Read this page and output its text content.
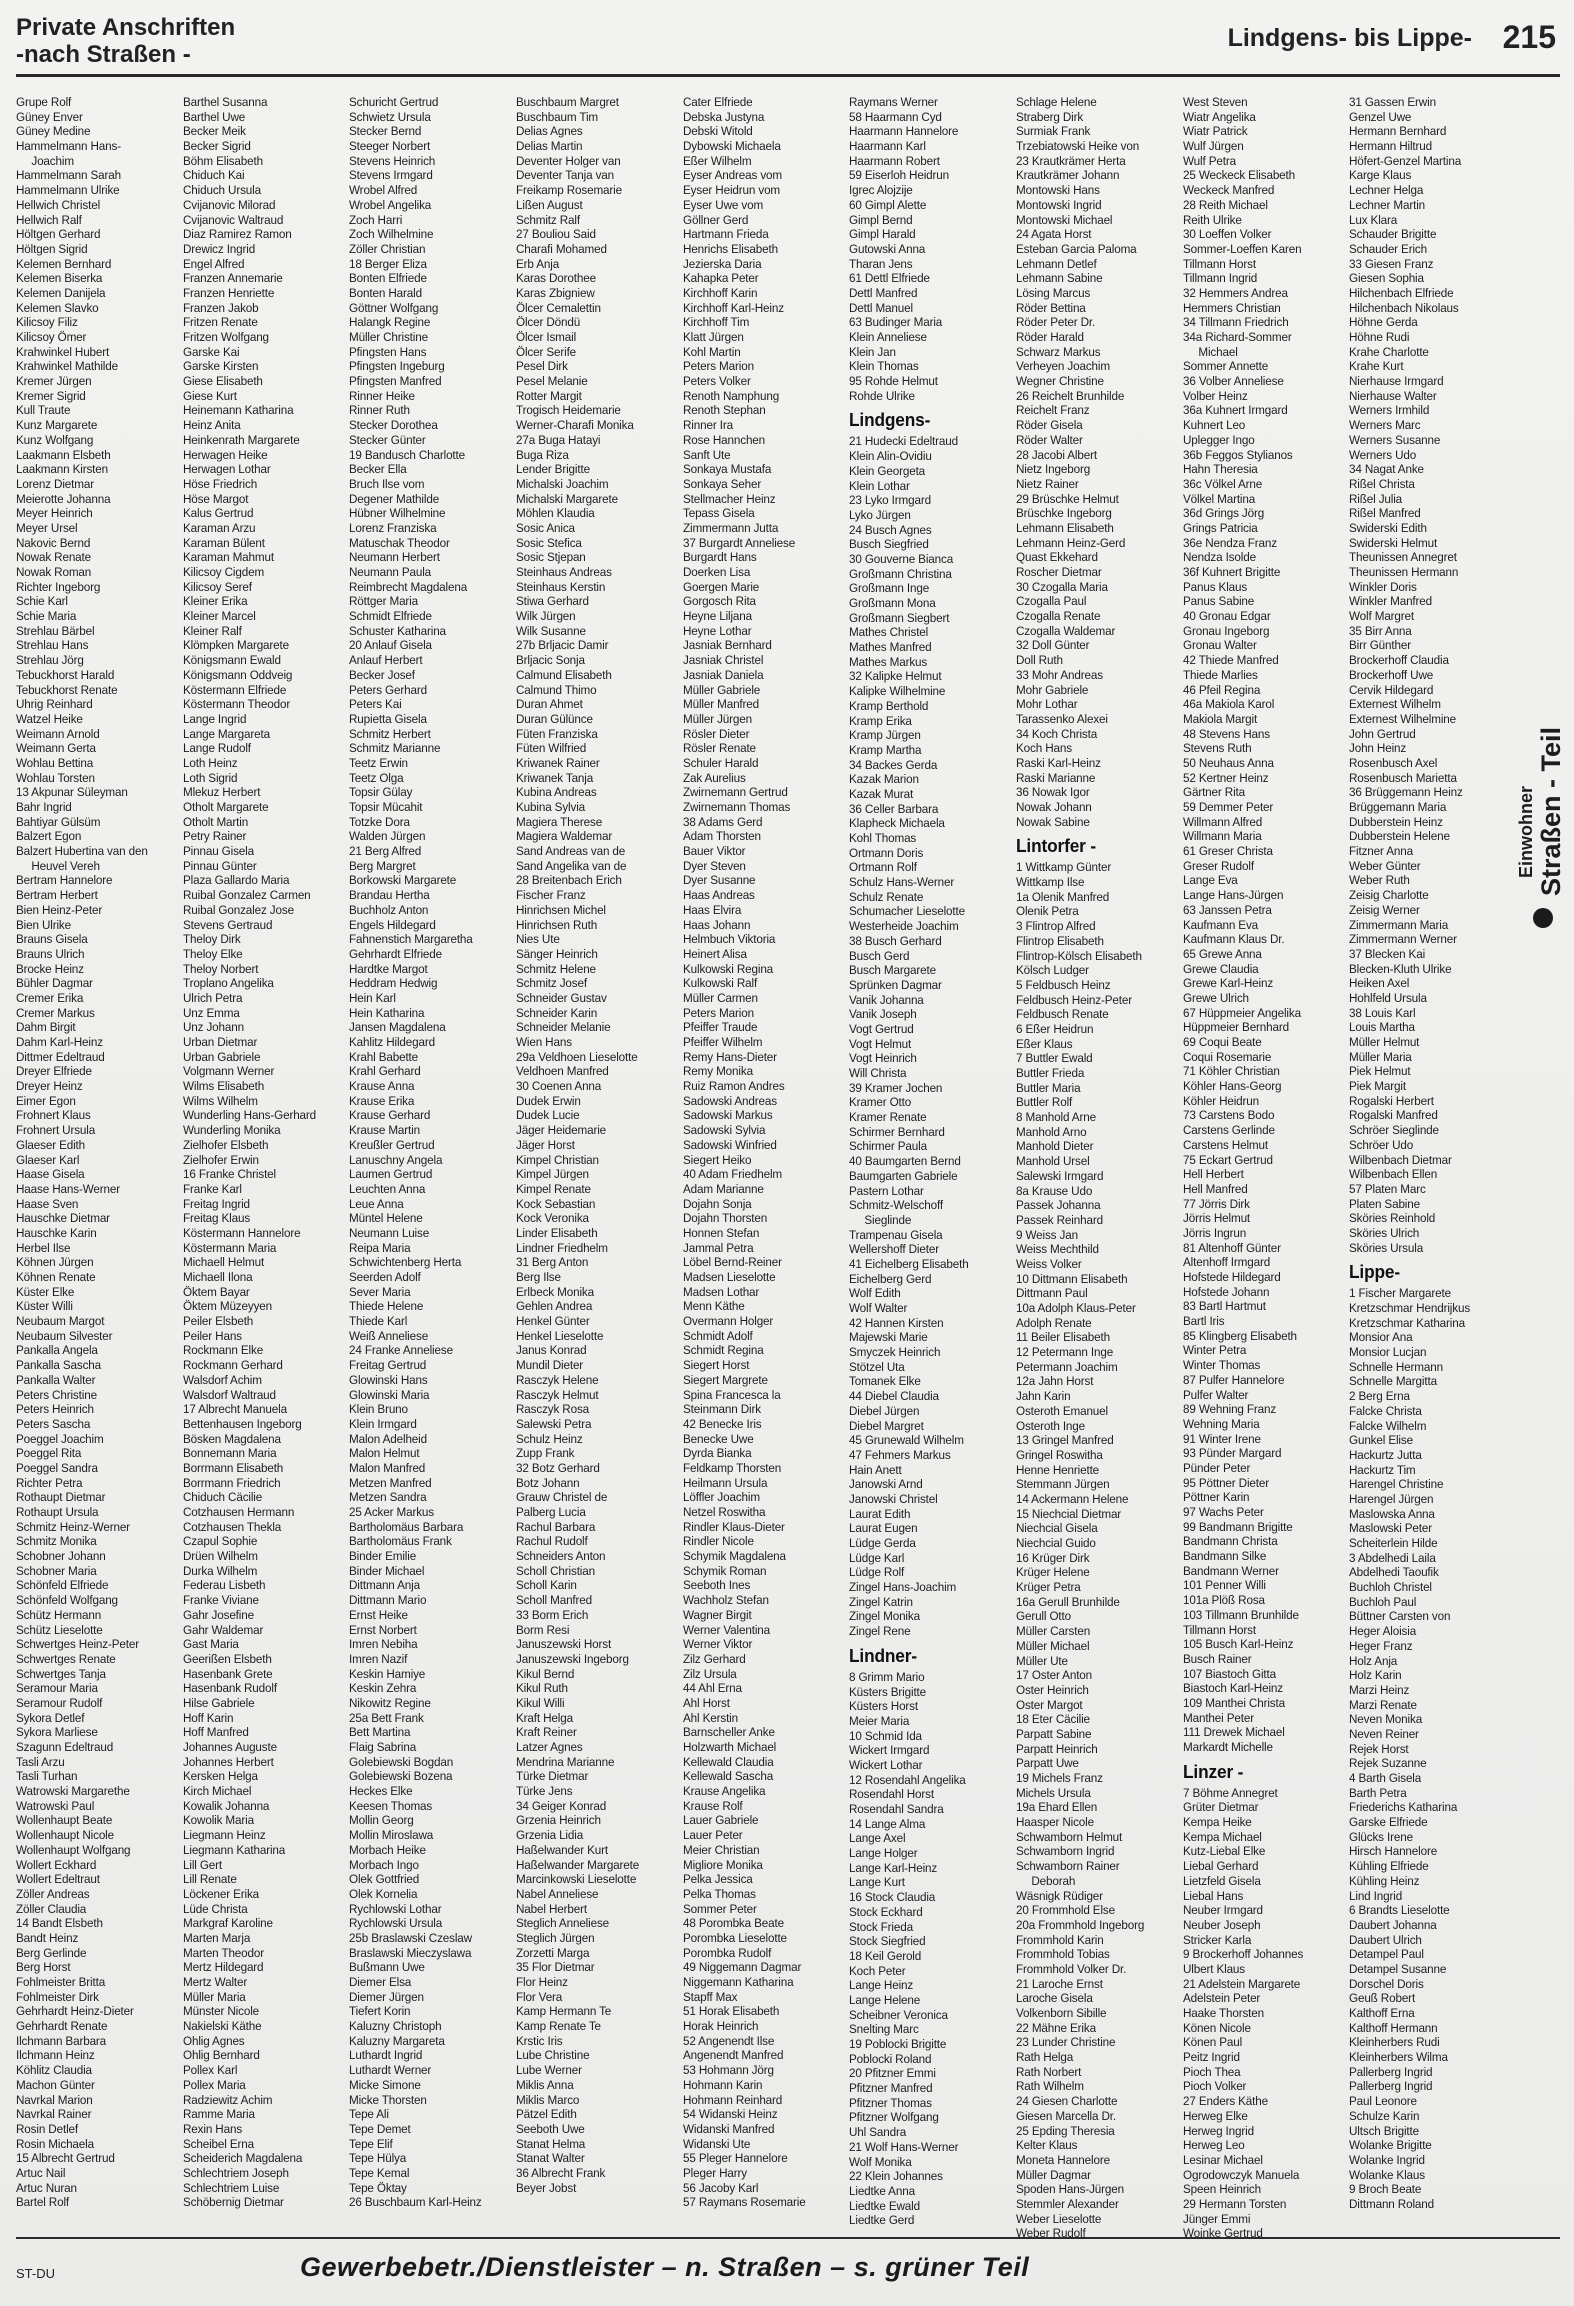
Private Anschriften
-nach Straßen -
Lindgens- bis Lippe- 215
Grupe Rolf
Güney Enver
Güney Medine
Hammelmann Hans-
Joachim
Hammelmann Sarah
Hammelmann Ulrike
Hellwich Christel
Hellwich Ralf
Höltgen Gerhard
Höltgen Sigrid
Kelemen Bernhard
Kelemen Biserka
Kelemen Danijela
Kelemen Slavko
Kilicsoy Filiz
Kilicsoy Ömer
Krahwinkel Hubert
Krahwinkel Mathilde
Kremer Jürgen
Kremer Sigrid
Kull Traute
Kunz Margarete
Kunz Wolfgang
Laakmann Elsbeth
Laakmann Kirsten
Lorenz Dietmar
Meierotte Johanna
Meyer Heinrich
Meyer Ursel
Nakovic Bernd
Nowak Renate
Nowak Roman
Richter Ingeborg
Schie Karl
Schie Maria
Strehlau Bärbel
Strehlau Hans
Strehlau Jörg
Tebuckhorst Harald
Tebuckhorst Renate
Uhrig Reinhard
Watzel Heike
Weimann Arnold
Weimann Gerta
Wohlau Bettina
Wohlau Torsten
13 Akpunar Süleyman
Bahr Ingrid
Bahtiyar Gülsüm
Balzert Egon
Balzert Hubertina van den
Heuvel Vereh
Bertram Hannelore
Bertram Herbert
Bien Heinz-Peter
Bien Ulrike
Brauns Gisela
Brauns Ulrich
Brocke Heinz
Bühler Dagmar
Cremer Erika
Cremer Markus
Dahm Birgit
Dahm Karl-Heinz
Dittmer Edeltraud
Dreyer Elfriede
Dreyer Heinz
Eimer Egon
Frohnert Klaus
Frohnert Ursula
Glaeser Edith
Glaeser Karl
Haase Gisela
Haase Hans-Werner
Haase Sven
Hauschke Dietmar
Hauschke Karin
Herbel Ilse
Köhnen Jürgen
Köhnen Renate
Küster Elke
Küster Willi
Neubaum Margot
Neubaum Silvester
Pankalla Angela
Pankalla Sascha
Pankalla Walter
Peters Christine
Peters Heinrich
Peters Sascha
Poeggel Joachim
Poeggel Rita
Poeggel Sandra
Richter Petra
Rothaupt Dietmar
Rothaupt Ursula
Schmitz Heinz-Werner
Schmitz Monika
Schobner Johann
Schobner Maria
Schönfeld Elfriede
Schönfeld Wolfgang
Schütz Hermann
Schütz Lieselotte
Schwertges Heinz-Peter
Schwertges Renate
Schwertges Tanja
Seramour Maria
Seramour Rudolf
Sykora Detlef
Sykora Marliese
Szagunn Edeltraud
Tasli Arzu
Tasli Turhan
Watrowski Margarethe
Watrowski Paul
Wollenhaupt Beate
Wollenhaupt Nicole
Wollenhaupt Wolfgang
Wollert Eckhard
Wollert Edeltraut
Zöller Andreas
Zöller Claudia
14 Bandt Elsbeth
Bandt Heinz
Berg Gerlinde
Berg Horst
Fohlmeister Britta
Fohlmeister Dirk
Gehrhardt Heinz-Dieter
Gehrhardt Renate
Ilchmann Barbara
Ilchmann Heinz
Köhlitz Claudia
Machon Günter
Navrkal Marion
Navrkal Rainer
Rosin Detlef
Rosin Michaela
15 Albrecht Gertrud
Artuc Nail
Artuc Nuran
Bartel Rolf
Barthel Susanna
Barthel Uwe
Becker Meik
Becker Sigrid
Böhm Elisabeth
Chiduch Kai
Chiduch Ursula
Cvijanovic Milorad
Cvijanovic Waltraud
Diaz Ramirez Ramon
Drewicz Ingrid
Engel Alfred
Franzen Annemarie
Franzen Henriette
Franzen Jakob
Fritzen Renate
Fritzen Wolfgang
Garske Kai
Garske Kirsten
Giese Elisabeth
Giese Kurt
Heinemann Katharina
Heinz Anita
Heinkenrath Margarete
Herwagen Heike
Herwagen Lothar
Höse Friedrich
Höse Margot
Kalus Gertrud
Karaman Arzu
Karaman Bülent
Karaman Mahmut
Kilicsoy Cigdem
Kilicsoy Seref
Kleiner Erika
Kleiner Marcel
Kleiner Ralf
Klömpken Margarete
Königsmann Ewald
Königsmann Oddveig
Köstermann Elfriede
Köstermann Theodor
Lange Ingrid
Lange Margareta
Lange Rudolf
Loth Heinz
Loth Sigrid
Mlekuz Herbert
Otholt Margarete
Otholt Martin
Petry Rainer
Pinnau Gisela
Pinnau Günter
Plaza Gallardo Maria
Ruibal Gonzalez Carmen
Ruibal Gonzalez Jose
Stevens Gertraud
Theloy Dirk
Theloy Elke
Theloy Norbert
Troplano Angelika
Ulrich Petra
Unz Emma
Unz Johann
Urban Dietmar
Urban Gabriele
Volgmann Werner
Wilms Elisabeth
Wilms Wilhelm
Wunderling Hans-Gerhard
Wunderling Monika
Zielhofer Elsbeth
Zielhofer Erwin
16 Franke Christel
Franke Karl
Freitag Ingrid
Freitag Klaus
Köstermann Hannelore
Köstermann Maria
Michaell Helmut
Michaell Ilona
Öktem Bayar
Öktem Müzeyyen
Peiler Elsbeth
Peiler Hans
Rockmann Elke
Rockmann Gerhard
Walsdorf Achim
Walsdorf Waltraud
17 Albrecht Manuela
Bettenhausen Ingeborg
Bösken Magdalena
Bonnemann Maria
Borrmann Elisabeth
Borrmann Friedrich
Chiduch Cäcilie
Cotzhausen Hermann
Cotzhausen Thekla
Czapul Sophie
Drüen Wilhelm
Durka Wilhelm
Federau Lisbeth
Franke Viviane
Gahr Josefine
Gahr Waldemar
Gast Maria
Geerißen Elsbeth
Hasenbank Grete
Hasenbank Rudolf
Hilse Gabriele
Hoff Karin
Hoff Manfred
Johannes Auguste
Johannes Herbert
Kersken Helga
Kirch Michael
Kowalik Johanna
Kowolik Maria
Liegmann Heinz
Liegmann Katharina
Lill Gert
Lill Renate
Löckener Erika
Lüde Christa
Markgraf Karoline
Marten Marja
Marten Theodor
Mertz Hildegard
Mertz Walter
Müller Maria
Münster Nicole
Nakielski Käthe
Ohlig Agnes
Ohlig Bernhard
Pollex Karl
Pollex Maria
Radziewitz Achim
Ramme Maria
Rexin Hans
Scheibel Erna
Scheiderich Magdalena
Schlechtriem Joseph
Schlechtriem Luise
Schöbernig Dietmar
Schuricht Gertrud
Schwietz Ursula
Stecker Bernd
Steeger Norbert
Stevens Heinrich
Stevens Irmgard
Wrobel Alfred
Wrobel Angelika
Zoch Harri
Zoch Wilhelmine
Zöller Christian
18 Berger Eliza
Bonten Elfriede
Bonten Harald
Göttner Wolfgang
Halangk Regine
Müller Christine
Pfingsten Hans
Pfingsten Ingeburg
Pfingsten Manfred
Rinner Heike
Rinner Ruth
Stecker Dorothea
Stecker Günter
19 Bandusch Charlotte
Becker Ella
Bruch Ilse vom
Degener Mathilde
Hübner Wilhelmine
Lorenz Franziska
Matuschak Theodor
Neumann Herbert
Neumann Paula
Reimbrecht Magdalena
Röttger Maria
Schmidt Elfriede
Schuster Katharina
20 Anlauf Gisela
Anlauf Herbert
Becker Josef
Peters Gerhard
Peters Kai
Rupietta Gisela
Schmitz Herbert
Schmitz Marianne
Teetz Erwin
Teetz Olga
Topsir Gülay
Topsir Mücahit
Totzke Dora
Walden Jürgen
21 Berg Alfred
Berg Margret
Borkowski Margarete
Brandau Hertha
Buchholz Anton
Engels Hildegard
Fahnenstich Margaretha
Gehrhardt Elfriede
Hardtke Margot
Heddram Hedwig
Hein Karl
Hein Katharina
Jansen Magdalena
Kahlitz Hildegard
Krahl Babette
Krahl Gerhard
Krause Anna
Krause Erika
Krause Gerhard
Krause Martin
Kreußler Gertrud
Lanuschny Angela
Laumen Gertrud
Leuchten Anna
Leue Anna
Müntel Helene
Neumann Luise
Reipa Maria
Schwichtenberg Herta
Seerden Adolf
Sever Maria
Thiede Helene
Thiede Karl
Weiß Anneliese
24 Franke Anneliese
Freitag Gertrud
Glowinski Hans
Glowinski Maria
Klein Bruno
Klein Irmgard
Malon Adelheid
Malon Helmut
Malon Manfred
Metzen Manfred
Metzen Sandra
25 Acker Markus
Bartholomäus Barbara
Bartholomäus Frank
Binder Emilie
Binder Michael
Dittmann Anja
Dittmann Mario
Ernst Heike
Ernst Norbert
Imren Nebiha
Imren Nazif
Keskin Hamiye
Keskin Zehra
Nikowitz Regine
25a Bett Frank
Bett Martina
Flaig Sabrina
Golebiewski Bogdan
Golebiewski Bozena
Heckes Elke
Keesen Thomas
Mollin Georg
Mollin Miroslawa
Morbach Heike
Morbach Ingo
Olek Gottfried
Olek Kornelia
Rychlowski Lothar
Rychlowski Ursula
25b Braslawski Czeslaw
Braslawski Mieczyslawa
Bußmann Uwe
Diemer Elsa
Diemer Jürgen
Tiefert Korin
Kaluzny Christoph
Kaluzny Margareta
Luthardt Ingrid
Luthardt Werner
Micke Simone
Micke Thorsten
Tepe Ali
Tepe Demet
Tepe Elif
Tepe Hülya
Tepe Kemal
Tepe Öktay
26 Buschbaum Karl-Heinz
Buschbaum Margret
Buschbaum Tim
Delias Agnes
Delias Martin
Deventer Holger van
Deventer Tanja van
Freikamp Rosemarie
Lißen August
Schmitz Ralf
27 Bouliou Said
Charafi Mohamed
Erb Anja
Karas Dorothee
Karas Zbigniew
Ölcer Cemalettin
Ölcer Döndü
Ölcer Ismail
Ölcer Serife
Pesel Dirk
Pesel Melanie
Rotter Margit
Trogisch Heidemarie
Werner-Charafi Monika
27a Buga Hatayi
Buga Riza
Lender Brigitte
Michalski Joachim
Michalski Margarete
Möhlen Klaudia
Sosic Anica
Sosic Stefica
Sosic Stjepan
Steinhaus Andreas
Steinhaus Kerstin
Stiwa Gerhard
Wilk Jürgen
Wilk Susanne
27b Brljacic Damir
Brljacic Sonja
Calmund Elisabeth
Calmund Thimo
Duran Ahmet
Duran Gülünce
Füten Franziska
Füten Wilfried
Kriwanek Rainer
Kriwanek Tanja
Kubina Andreas
Kubina Sylvia
Magiera Therese
Magiera Waldemar
Sand Andreas van de
Sand Angelika van de
28 Breitenbach Erich
Fischer Franz
Hinrichsen Michel
Hinrichsen Ruth
Nies Ute
Sänger Heinrich
Schmitz Helene
Schmitz Josef
Schneider Gustav
Schneider Karin
Schneider Melanie
Wien Hans
29a Veldhoen Lieselotte
Veldhoen Manfred
30 Coenen Anna
Dudek Erwin
Dudek Lucie
Jäger Heidemarie
Jäger Horst
Kimpel Christian
Kimpel Jürgen
Kimpel Renate
Kock Sebastian
Kock Veronika
Linder Elisabeth
Lindner Friedhelm
31 Berg Anton
Berg Ilse
Erlbeck Monika
Gehlen Andrea
Henkel Günter
Henkel Lieselotte
Janus Konrad
Mundil Dieter
Rasczyk Helene
Rasczyk Helmut
Rasczyk Rosa
Salewski Petra
Schulz Heinz
Zupp Frank
32 Botz Gerhard
Botz Johann
Grauw Christel de
Palberg Lucia
Rachul Barbara
Rachul Rudolf
Schneiders Anton
Scholl Christian
Scholl Karin
Scholl Manfred
33 Borm Erich
Borm Resi
Januszewski Horst
Januszewski Ingeborg
Kikul Bernd
Kikul Ruth
Kikul Willi
Kraft Helga
Kraft Reiner
Latzer Agnes
Mendrina Marianne
Türke Dietmar
Türke Jens
34 Geiger Konrad
Grzenia Heinrich
Grzenia Lidia
Haßelwander Kurt
Haßelwander Margarete
Marcinkowski Lieselotte
Nabel Anneliese
Nabel Herbert
Steglich Anneliese
Steglich Jürgen
Zorzetti Marga
35 Flor Dietmar
Flor Heinz
Flor Vera
Kamp Hermann Te
Kamp Renate Te
Krstic Iris
Lube Christine
Lube Werner
Miklis Anna
Miklis Marco
Pätzel Edith
Seeboth Uwe
Stanat Helma
Stanat Walter
36 Albrecht Frank
Beyer Jobst
Cater Elfriede
Debska Justyna
Debski Witold
Dybowski Michaela
Eßer Wilhelm
Eyser Andreas vom
Eyser Heidrun vom
Eyser Uwe vom
Göllner Gerd
Hartmann Frieda
Henrichs Elisabeth
Jezierska Daria
Kahapka Peter
Kirchhoff Karin
Kirchhoff Karl-Heinz
Kirchhoff Tim
Klatt Jürgen
Kohl Martin
Peters Marion
Peters Volker
Renoth Namphung
Renoth Stephan
Rinner Ira
Rose Hannchen
Sanft Ute
Sonkaya Mustafa
Sonkaya Seher
Stellmacher Heinz
Tepass Gisela
Zimmermann Jutta
37 Burgardt Anneliese
Burgardt Hans
Doerken Lisa
Goergen Marie
Gorgosch Rita
Heyne Liljana
Heyne Lothar
Jasniak Bernhard
Jasniak Christel
Jasniak Daniela
Müller Gabriele
Müller Manfred
Müller Jürgen
Rösler Dieter
Rösler Renate
Schuler Harald
Zak Aurelius
Zwirnemann Gertrud
Zwirnemann Thomas
38 Adams Gerd
Adam Thorsten
Bauer Viktor
Dyer Steven
Dyer Susanne
Haas Andreas
Haas Elvira
Haas Johann
Helmbuch Viktoria
Heinert Alisa
Kulkowski Regina
Kulkowski Ralf
Müller Carmen
Peters Marion
Pfeiffer Traude
Pfeiffer Wilhelm
Remy Hans-Dieter
Remy Monika
Ruiz Ramon Andres
Sadowski Andreas
Sadowski Markus
Sadowski Sylvia
Sadowski Winfried
Siegert Heiko
40 Adam Friedhelm
Adam Marianne
Dojahn Sonja
Dojahn Thorsten
Honnen Stefan
Jammal Petra
Löbel Bernd-Reiner
Madsen Lieselotte
Madsen Lothar
Menn Käthe
Overmann Holger
Schmidt Adolf
Schmidt Regina
Siegert Horst
Siegert Margrete
Spina Francesca la
Steinmann Dirk
42 Benecke Iris
Benecke Uwe
Dyrda Bianka
Feldkamp Thorsten
Heilmann Ursula
Löffler Joachim
Netzel Roswitha
Rindler Klaus-Dieter
Rindler Nicole
Schymik Magdalena
Schymik Roman
Seeboth Ines
Wachholz Stefan
Wagner Birgit
Werner Valentina
Werner Viktor
Zilz Gerhard
Zilz Ursula
44 Ahl Erna
Ahl Horst
Ahl Kerstin
Barnscheller Anke
Holzwarth Michael
Kellewald Claudia
Kellewald Sascha
Krause Angelika
Krause Rolf
Lauer Gabriele
Lauer Peter
Meier Christian
Migliore Monika
Pelka Jessica
Pelka Thomas
Sommer Peter
48 Porombka Beate
Porombka Lieselotte
Porombka Rudolf
49 Niggemann Dagmar
Niggemann Katharina
Stapff Max
51 Horak Elisabeth
Horak Heinrich
52 Angenendt Ilse
Angenendt Manfred
53 Hohmann Jörg
Hohmann Karin
Hohmann Reinhard
54 Widanski Heinz
Widanski Manfred
Widanski Ute
55 Pleger Hannelore
Pleger Harry
56 Jacoby Karl
57 Raymans Rosemarie
Raymans Werner
58 Haarmann Cyd
Haarmann Hannelore
Haarmann Karl
Haarmann Robert
59 Eiserloh Heidrun
Igrec Alojzije
60 Gimpl Alette
Gimpl Bernd
Gimpl Harald
Gutowski Anna
Tharan Jens
61 Dettl Elfriede
Dettl Manfred
Dettl Manuel
63 Budinger Maria
Klein Anneliese
Klein Jan
Klein Thomas
95 Rohde Helmut
Rohde Ulrike
Lindgens-
21 Hudecki Edeltraud
Klein Alin-Ovidiu
Klein Georgeta
Klein Lothar
23 Lyko Irmgard
Lyko Jürgen
24 Busch Agnes
Busch Siegfried
30 Gouverne Bianca
Großmann Christina
Großmann Inge
Großmann Mona
Großmann Siegbert
Mathes Christel
Mathes Manfred
Mathes Markus
32 Kalipke Helmut
Kalipke Wilhelmine
Kramp Berthold
Kramp Erika
Kramp Jürgen
Kramp Martha
34 Backes Gerda
Kazak Marion
Kazak Murat
36 Celler Barbara
Klapheck Michaela
Kohl Thomas
Ortmann Doris
Ortmann Rolf
Schulz Hans-Werner
Schulz Renate
Schumacher Lieselotte
Westerheide Joachim
38 Busch Gerhard
Busch Gerd
Busch Margarete
Sprünken Dagmar
Vanik Johanna
Vanik Joseph
Vogt Gertrud
Vogt Helmut
Vogt Heinrich
Will Christa
39 Kramer Jochen
Kramer Otto
Kramer Renate
Schirmer Bernhard
Schirmer Paula
40 Baumgarten Bernd
Baumgarten Gabriele
Pastern Lothar
Schmitz-Welschoff
Sieglinde
Trampenau Gisela
Wellershoff Dieter
41 Eichelberg Elisabeth
Eichelberg Gerd
Wolf Edith
Wolf Walter
42 Hannen Kirsten
Majewski Marie
Smyczek Heinrich
Stötzel Uta
Tomanek Elke
44 Diebel Claudia
Diebel Jürgen
Diebel Margret
45 Grunewald Wilhelm
47 Fehmers Markus
Hain Anett
Janowski Arnd
Janowski Christel
Laurat Edith
Laurat Eugen
Lüdge Gerda
Lüdge Karl
Lüdge Rolf
Zingel Hans-Joachim
Zingel Katrin
Zingel Monika
Zingel Rene
Lindner-
8 Grimm Mario
Küsters Brigitte
Küsters Horst
Meier Maria
10 Schmid Ida
Wickert Irmgard
Wickert Lothar
12 Rosendahl Angelika
Rosendahl Horst
Rosendahl Sandra
14 Lange Alma
Lange Axel
Lange Holger
Lange Karl-Heinz
Lange Kurt
16 Stock Claudia
Stock Eckhard
Stock Frieda
Stock Siegfried
18 Keil Gerold
Koch Peter
Lange Heinz
Lange Helene
Scheibner Veronica
Snelting Marc
19 Poblocki Brigitte
Poblocki Roland
20 Pfitzner Emmi
Pfitzner Manfred
Pfitzner Thomas
Pfitzner Wolfgang
Uhl Sandra
21 Wolf Hans-Werner
Wolf Monika
22 Klein Johannes
Liedtke Anna
Liedtke Ewald
Liedtke Gerd
Schlage Helene
Straberg Dirk
Surmiak Frank
Trzebiatowski Heike von
23 Krautkrämer Herta
Krautkrämer Johann
Montowski Hans
Montowski Ingrid
Montowski Michael
24 Agata Horst
Esteban Garcia Paloma
Lehmann Detlef
Lehmann Sabine
Lösing Marcus
Röder Bettina
Röder Peter Dr.
Röder Harald
Schwarz Markus
Verheyen Joachim
Wegner Christine
26 Reichelt Brunhilde
Reichelt Franz
Röder Gisela
Röder Walter
28 Jacobi Albert
Nietz Ingeborg
Nietz Rainer
29 Brüschke Helmut
Brüschke Ingeborg
Lehmann Elisabeth
Lehmann Heinz-Gerd
Quast Ekkehard
Roscher Dietmar
30 Czogalla Maria
Czogalla Paul
Czogalla Renate
Czogalla Waldemar
32 Doll Günter
Doll Ruth
33 Mohr Andreas
Mohr Gabriele
Mohr Lothar
Tarassenko Alexei
34 Koch Christa
Koch Hans
Raski Karl-Heinz
Raski Marianne
36 Nowak Igor
Nowak Johann
Nowak Sabine
Lintorfer -
1 Wittkamp Günter
Wittkamp Ilse
1a Olenik Manfred
Olenik Petra
3 Flintrop Alfred
Flintrop Elisabeth
Flintrop-Kölsch Elisabeth
Kölsch Ludger
5 Feldbusch Heinz
Feldbusch Heinz-Peter
Feldbusch Renate
6 Eßer Heidrun
Eßer Klaus
7 Buttler Ewald
Buttler Frieda
Buttler Maria
Buttler Rolf
8 Manhold Arne
Manhold Arno
Manhold Dieter
Manhold Ursel
Salewski Irmgard
8a Krause Udo
Passek Johanna
Passek Reinhard
9 Weiss Jan
Weiss Mechthild
Weiss Volker
10 Dittmann Elisabeth
Dittmann Paul
10a Adolph Klaus-Peter
Adolph Renate
11 Beiler Elisabeth
12 Petermann Inge
Petermann Joachim
12a Jahn Horst
Jahn Karin
Osteroth Emanuel
Osteroth Inge
13 Gringel Manfred
Gringel Roswitha
Henne Henriette
Stemmann Jürgen
14 Ackermann Helene
15 Niechcial Dietmar
Niechcial Gisela
Niechcial Guido
16 Krüger Dirk
Krüger Helene
Krüger Petra
16a Gerull Brunhilde
Gerull Otto
Müller Carsten
Müller Michael
Müller Ute
17 Oster Anton
Oster Heinrich
Oster Margot
18 Eter Cäcilie
Parpatt Sabine
Parpatt Heinrich
Parpatt Uwe
19 Michels Franz
Michels Ursula
19a Ehard Ellen
Haasper Nicole
Schwamborn Helmut
Schwamborn Ingrid
Schwamborn Rainer
Deborah
Wäsnigk Rüdiger
20 Frommhold Else
20a Frommhold Ingeborg
Frommhold Karin
Frommhold Tobias
Frommhold Volker Dr.
21 Laroche Ernst
Laroche Gisela
Volkenborn Sibille
22 Mähne Erika
23 Lunder Christine
Rath Helga
Rath Norbert
Rath Wilhelm
24 Giesen Charlotte
Giesen Marcella Dr.
25 Epding Theresia
Kelter Klaus
Moneta Hannelore
Müller Dagmar
Spoden Hans-Jürgen
Stemmler Alexander
Weber Lieselotte
Weber Rudolf
West Steven
Wiatr Angelika
Wiatr Patrick
Wulf Jürgen
Wulf Petra
25 Weckeck Elisabeth
Weckeck Manfred
28 Reith Michael
Reith Ulrike
30 Loeffen Volker
Sommer-Loeffen Karen
Tillmann Horst
Tillmann Ingrid
32 Hemmers Andrea
Hemmers Christian
34 Tillmann Friedrich
34a Richard-Sommer
Michael
Sommer Annette
36 Volber Anneliese
Volber Heinz
36a Kuhnert Irmgard
Kuhnert Leo
Uplegger Ingo
36b Feggos Stylianos
Hahn Theresia
36c Völkel Arne
Völkel Martina
36d Grings Jörg
Grings Patricia
36e Nendza Franz
Nendza Isolde
36f Kuhnert Brigitte
Panus Klaus
Panus Sabine
40 Gronau Edgar
Gronau Ingeborg
Gronau Walter
42 Thiede Manfred
Thiede Marlies
46 Pfeil Regina
46a Makiola Karol
Makiola Margit
48 Stevens Hans
Stevens Ruth
50 Neuhaus Anna
52 Kertner Heinz
Gärtner Rita
59 Demmer Peter
Willmann Alfred
Willmann Maria
61 Greser Christa
Greser Rudolf
Lange Eva
Lange Hans-Jürgen
63 Janssen Petra
Kaufmann Eva
Kaufmann Klaus Dr.
65 Grewe Anna
Grewe Claudia
Grewe Karl-Heinz
Grewe Ulrich
67 Hüppmeier Angelika
Hüppmeier Bernhard
69 Coqui Beate
Coqui Rosemarie
71 Köhler Christian
Köhler Hans-Georg
Köhler Heidrun
73 Carstens Bodo
Carstens Gerlinde
Carstens Helmut
75 Eckart Gertrud
Hell Herbert
Hell Manfred
77 Jörris Dirk
Jörris Helmut
Jörris Ingrun
81 Altenhoff Günter
Altenhoff Irmgard
Hofstede Hildegard
Hofstede Johann
83 Bartl Hartmut
Bartl Iris
85 Klingberg Elisabeth
Winter Petra
Winter Thomas
87 Pulfer Hannelore
Pulfer Walter
89 Wehning Franz
Wehning Maria
91 Winter Irene
93 Pünder Margard
Pünder Peter
95 Pöttner Dieter
Pöttner Karin
97 Wachs Peter
99 Bandmann Brigitte
Bandmann Christa
Bandmann Silke
Bandmann Werner
101 Penner Willi
101a Plöß Rosa
103 Tillmann Brunhilde
Tillmann Horst
105 Busch Karl-Heinz
Busch Rainer
107 Biastoch Gitta
Biastoch Karl-Heinz
109 Manthei Christa
Manthei Peter
111 Drewek Michael
Markardt Michelle
Linzer -
7 Böhme Annegret
Grüter Dietmar
Kempa Heike
Kempa Michael
Kutz-Liebal Elke
Liebal Gerhard
Lietzfeld Gisela
Liebal Hans
Neuber Irmgard
Neuber Joseph
Stricker Karla
9 Brockerhoff Johannes
Ulbert Klaus
21 Adelstein Margarete
Adelstein Peter
Haake Thorsten
Könen Nicole
Könen Paul
Peitz Ingrid
Pioch Thea
Pioch Volker
27 Enders Käthe
Herweg Elke
Herweg Ingrid
Herweg Leo
Lesinar Michael
Ogrodowczyk Manuela
Speen Heinrich
29 Hermann Torsten
Jünger Emmi
Woinke Gertrud
31 Gassen Erwin
Genzel Uwe
Hermann Bernhard
Hermann Hiltrud
Höfert-Genzel Martina
Karge Klaus
Lechner Helga
Lechner Martin
Lux Klara
Schauder Brigitte
Schauder Erich
33 Giesen Franz
Giesen Sophia
Hilchenbach Elfriede
Hilchenbach Nikolaus
Höhne Gerda
Höhne Rudi
Krahe Charlotte
Krahe Kurt
Nierhause Irmgard
Nierhause Walter
Werners Irmhild
Werners Marc
Werners Susanne
Werners Udo
34 Nagat Anke
Rißel Christa
Rißel Julia
Rißel Manfred
Swiderski Edith
Swiderski Helmut
Theunissen Annegret
Theunissen Hermann
Winkler Doris
Winkler Manfred
Wolf Margret
35 Birr Anna
Birr Günther
Brockerhoff Claudia
Brockerhoff Uwe
Cervik Hildegard
Externest Wilhelm
Externest Wilhelmine
John Gertrud
John Heinz
Rosenbusch Axel
Rosenbusch Marietta
36 Brüggemann Heinz
Brüggemann Maria
Dubberstein Heinz
Dubberstein Helene
Fitzner Anna
Weber Günter
Weber Ruth
Zeisig Charlotte
Zeisig Werner
Zimmermann Maria
Zimmermann Werner
37 Blecken Kai
Blecken-Kluth Ulrike
Heiken Axel
Hohlfeld Ursula
38 Louis Karl
Louis Martha
Müller Helmut
Müller Maria
Piek Helmut
Piek Margit
Rogalski Herbert
Rogalski Manfred
Schröer Sieglinde
Schröer Udo
Wilbenbach Dietmar
Wilbenbach Ellen
57 Platen Marc
Platen Sabine
Sköries Reinhold
Sköries Ulrich
Sköries Ursula
Lippe-
1 Fischer Margarete
Kretzschmar Hendrijkus
Kretzschmar Katharina
Monsior Ana
Monsior Lucjan
Schnelle Hermann
Schnelle Margitta
2 Berg Erna
Falcke Christa
Falcke Wilhelm
Gunkel Elise
Hackurtz Jutta
Hackurtz Tim
Harengel Christine
Harengel Jürgen
Maslowska Anna
Maslowski Peter
Scheiterlein Hilde
3 Abdelhedi Laila
Abdelhedi Taoufik
Buchloh Christel
Buchloh Paul
Büttner Carsten von
Heger Aloisia
Heger Franz
Holz Anja
Holz Karin
Marzi Heinz
Marzi Renate
Neven Monika
Neven Reiner
Rejek Horst
Rejek Suzanne
4 Barth Gisela
Barth Petra
Friederichs Katharina
Garske Elfriede
Glücks Irene
Hirsch Hannelore
Kühling Elfriede
Kühling Heinz
Lind Ingrid
6 Brandts Lieselotte
Daubert Johanna
Daubert Ulrich
Detampel Paul
Detampel Susanne
Dorschel Doris
Geuß Robert
Kalthoff Erna
Kalthoff Hermann
Kleinherbers Rudi
Kleinherbers Wilma
Pallerberg Ingrid
Pallerberg Ingrid
Paul Leonore
Schulze Karin
Ultsch Brigitte
Wolanke Brigitte
Wolanke Ingrid
Wolanke Klaus
9 Broch Beate
Dittmann Roland
Einwohner Straßen - Teil
ST-DU	Gewerbebetr./Dienstleister – n. Straßen – s. grüner Teil
